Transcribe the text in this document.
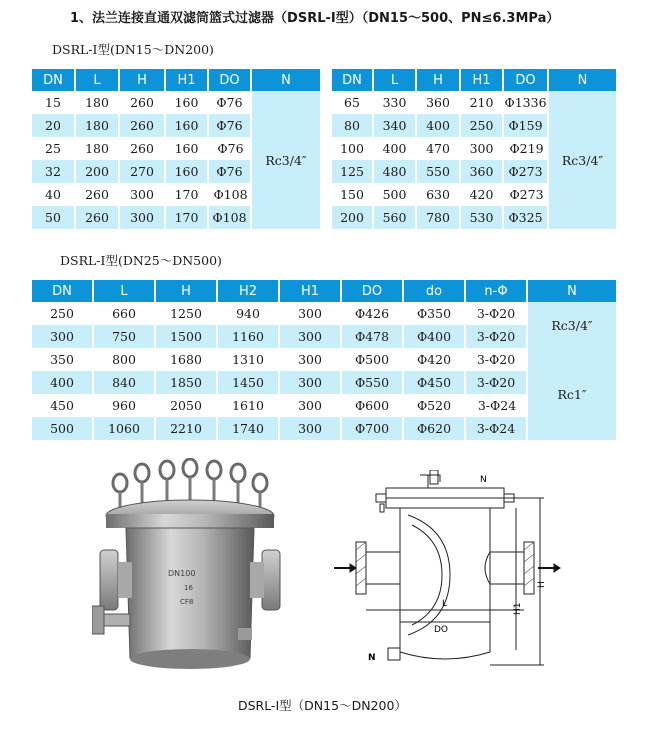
1、法兰连接直通双滤筒篮式过滤器（DSRL-Ⅰ型）（DN15～500、PN≤6.3MPa）
DSRL-Ⅰ型(DN15～DN200)
DN	L	H	H1	DO	N
15	180	260	160	Φ76	Rc3/4″
20	180	260	160	Φ76	
25	180	260	160	Φ76	
32	200	270	160	Φ76	
40	260	300	170	Φ108	
50	260	300	170	Φ108	
DN	L	H	H1	DO	N
65	330	360	210	Φ1336	Rc3/4″
80	340	400	250	Φ159	
100	400	470	300	Φ219	
125	480	550	360	Φ273	
150	500	630	420	Φ273	
200	560	780	530	Φ325	
DSRL-Ⅰ型(DN25～DN500)
DN	L	H	H2	H1	DO	do	n-Φ	N
250	660	1250	940	300	Φ426	Φ350	3-Φ20	Rc3/4″
300	750	1500	1160	300	Φ478	Φ400	3-Φ20	
350	800	1680	1310	300	Φ500	Φ420	3-Φ20	Rc1″
400	840	1850	1450	300	Φ550	Φ450	3-Φ20	
450	960	2050	1610	300	Φ600	Φ520	3-Φ24	
500	1060	2210	1740	300	Φ700	Φ620	3-Φ24	
DN100
16
CF8
N
N
L
DO
H1
H
DSRL-Ⅰ型（DN15～DN200）
